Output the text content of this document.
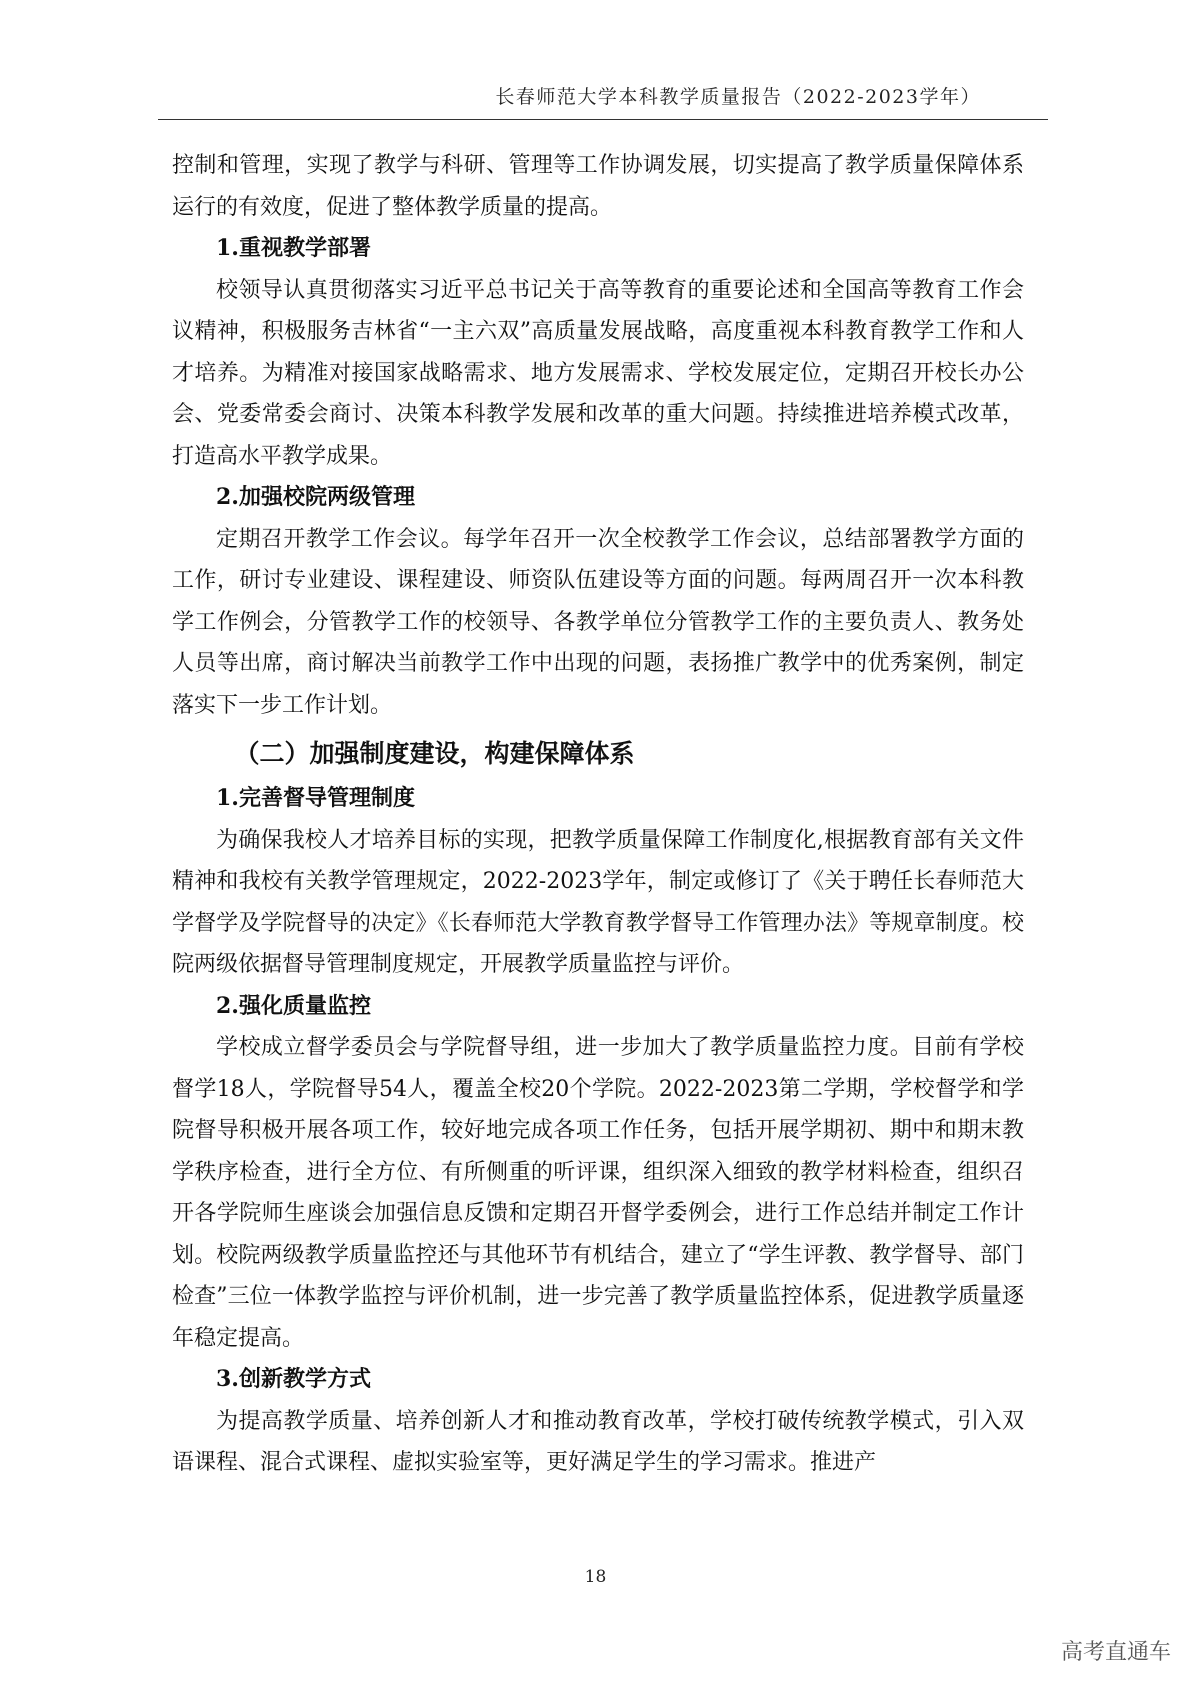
长春师范大学本科教学质量报告（2022-2023学年）

控制和管理，实现了教学与科研、管理等工作协调发展，切实提高了教学质量保障体系运行的有效度，促进了整体教学质量的提高。

1.重视教学部署

校领导认真贯彻落实习近平总书记关于高等教育的重要论述和全国高等教育工作会议精神，积极服务吉林省“一主六双”高质量发展战略，高度重视本科教育教学工作和人才培养。为精准对接国家战略需求、地方发展需求、学校发展定位，定期召开校长办公会、党委常委会商讨、决策本科教学发展和改革的重大问题。持续推进培养模式改革，打造高水平教学成果。

2.加强校院两级管理

定期召开教学工作会议。每学年召开一次全校教学工作会议，总结部署教学方面的工作，研讨专业建设、课程建设、师资队伍建设等方面的问题。每两周召开一次本科教学工作例会，分管教学工作的校领导、各教学单位分管教学工作的主要负责人、教务处人员等出席，商讨解决当前教学工作中出现的问题，表扬推广教学中的优秀案例，制定落实下一步工作计划。

（二）加强制度建设，构建保障体系
1.完善督导管理制度

为确保我校人才培养目标的实现，把教学质量保障工作制度化,根据教育部有关文件精神和我校有关教学管理规定，2022-2023学年，制定或修订了《关于聘任长春师范大学督学及学院督导的决定》《长春师范大学教育教学督导工作管理办法》等规章制度。校院两级依据督导管理制度规定，开展教学质量监控与评价。

2.强化质量监控

学校成立督学委员会与学院督导组，进一步加大了教学质量监控力度。目前有学校督学18人，学院督导54人，覆盖全校20个学院。2022-2023第二学期，学校督学和学院督导积极开展各项工作，较好地完成各项工作任务，包括开展学期初、期中和期末教学秩序检查，进行全方位、有所侧重的听评课，组织深入细致的教学材料检查，组织召开各学院师生座谈会加强信息反馈和定期召开督学委例会，进行工作总结并制定工作计划。校院两级教学质量监控还与其他环节有机结合，建立了“学生评教、教学督导、部门检查”三位一体教学监控与评价机制，进一步完善了教学质量监控体系，促进教学质量逐年稳定提高。

3.创新教学方式

为提高教学质量、培养创新人才和推动教育改革，学校打破传统教学模式，引入双语课程、混合式课程、虚拟实验室等，更好满足学生的学习需求。推进产

18
高考直通车
